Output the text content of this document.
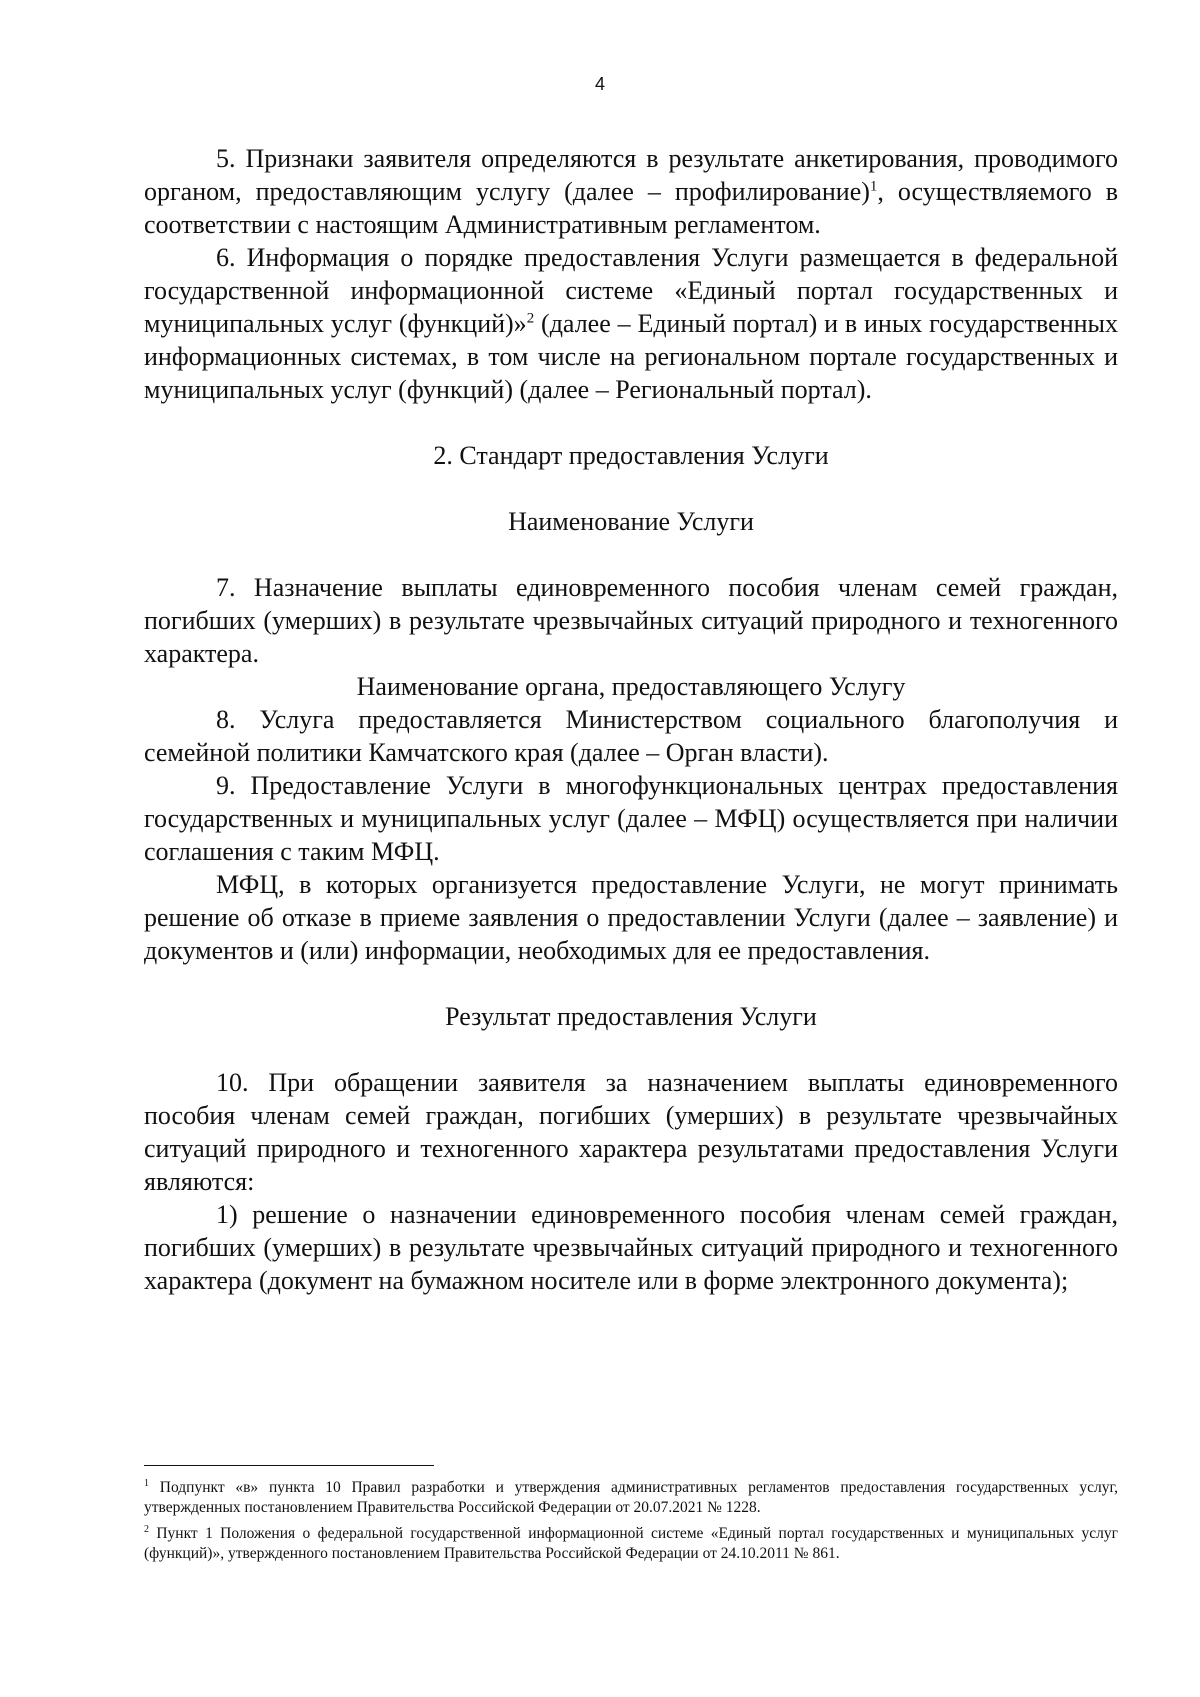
4

5. Признаки заявителя определяются в результате анкетирования, проводимого органом, предоставляющим услугу (далее – профилирование)$^1$, осуществляемого в соответствии с настоящим Административным регламентом.

6. Информация о порядке предоставления Услуги размещается в федеральной государственной информационной системе «Единый портал государственных и муниципальных услуг (функций)»$^2$ (далее – Единый портал) и в иных государственных информационных системах, в том числе на региональном портале государственных и муниципальных услуг (функций) (далее – Региональный портал).

2. Стандарт предоставления Услуги

Наименование Услуги

7. Назначение выплаты единовременного пособия членам семей граждан, погибших (умерших) в результате чрезвычайных ситуаций природного и техногенного характера.

Наименование органа, предоставляющего Услугу

8. Услуга предоставляется Министерством социального благополучия и семейной политики Камчатского края (далее – Орган власти).

9. Предоставление Услуги в многофункциональных центрах предоставления государственных и муниципальных услуг (далее – МФЦ) осуществляется при наличии соглашения с таким МФЦ.

МФЦ, в которых организуется предоставление Услуги, не могут принимать решение об отказе в приеме заявления о предоставлении Услуги (далее – заявление) и документов и (или) информации, необходимых для ее предоставления.

Результат предоставления Услуги

10. При обращении заявителя за назначением выплаты единовременного пособия членам семей граждан, погибших (умерших) в результате чрезвычайных ситуаций природного и техногенного характера результатами предоставления Услуги являются:

1) решение о назначении единовременного пособия членам семей граждан, погибших (умерших) в результате чрезвычайных ситуаций природного и техногенного характера (документ на бумажном носителе или в форме электронного документа);

$^1$ Подпункт «в» пункта 10 Правил разработки и утверждения административных регламентов предоставления государственных услуг, утвержденных постановлением Правительства Российской Федерации от 20.07.2021 № 1228.

$^2$ Пункт 1 Положения о федеральной государственной информационной системе «Единый портал государственных и муниципальных услуг (функций)», утвержденного постановлением Правительства Российской Федерации от 24.10.2011 № 861.
